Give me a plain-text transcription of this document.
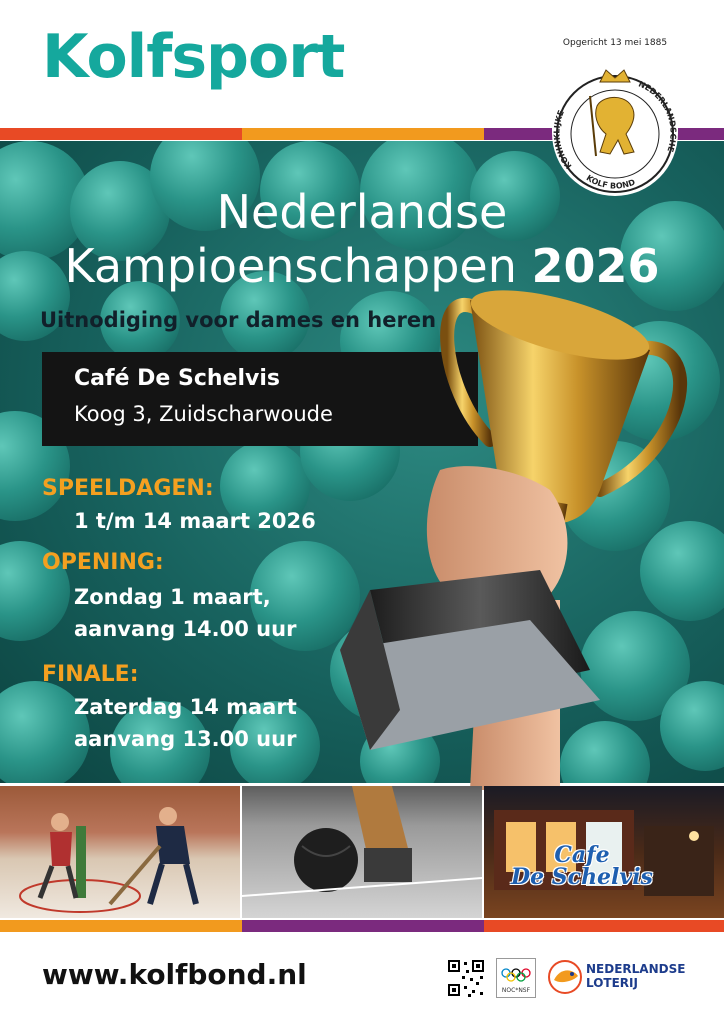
Kolfsport
Nederlandse
Kampioenschappen 2026
Uitnodiging voor dames en heren
Café De Schelvis
Koog 3, Zuidscharwoude
SPEELDAGEN:
1 t/m 14 maart 2026
OPENING:
Zondag 1 maart,
aanvang 14.00 uur
FINALE:
Zaterdag 14 maart
aanvang 13.00 uur
Opgericht 13 mei 1885
KONINKLIJKE
NEDERLANDSCHE
KOLF BOND
Cafe
De Schelvis
www.kolfbond.nl	NOC*NSF
NEDERLANDSE
LOTERIJ
